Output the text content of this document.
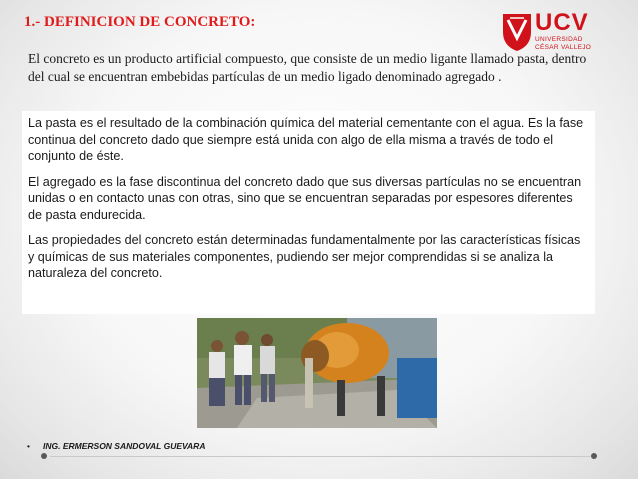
1.- DEFINICION DE CONCRETO:	UCV
UNIVERSIDAD
CÉSAR VALLEJO
El concreto es un producto artificial compuesto, que consiste de un medio ligante llamado pasta, dentro del cual se encuentran embebidas partículas de un medio ligado denominado agregado .

La pasta es el resultado de la combinación química del material cementante con el agua. Es la fase continua del concreto dado que siempre está unida con algo de ella misma a través de todo el conjunto de éste.

El agregado es la fase discontinua del concreto dado que sus diversas partículas no se encuentran unidas o en contacto unas con otras, sino que se encuentran separadas por espesores diferentes de pasta endurecida.

Las propiedades del concreto están determinadas fundamentalmente por las características físicas y químicas de sus materiales componentes, pudiendo ser mejor comprendidas si se analiza la naturaleza del concreto.

• ING. ERMERSON SANDOVAL GUEVARA
